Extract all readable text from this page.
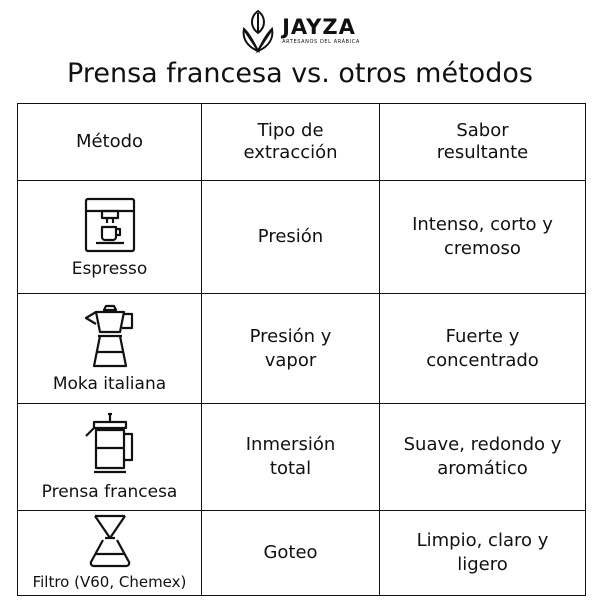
JAYZA
ARTESANOS DEL ARÁBICA
Prensa francesa vs. otros métodos
Método	Tipo de extracción	Sabor resultante

Espresso	Presión	Intenso, corto y cremoso

Moka italiana	Presión y vapor	Fuerte y concentrado

Prensa francesa	Inmersión total	Suave, redondo y aromático

Filtro (V60, Chemex)	Goteo	Limpio, claro y ligero
